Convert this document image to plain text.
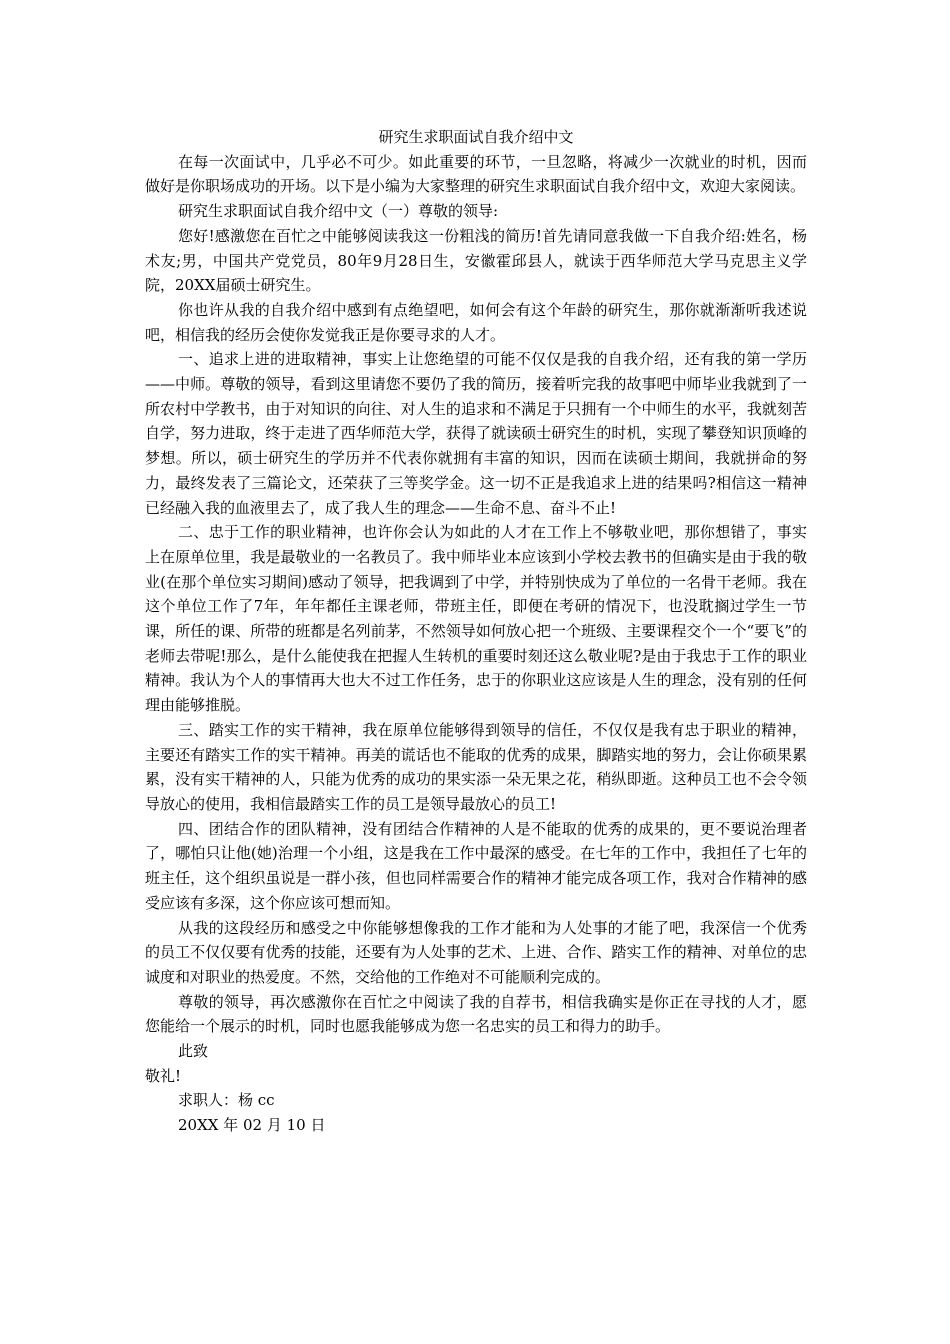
研究生求职面试自我介绍中文

在每一次面试中，几乎必不可少。如此重要的环节，一旦忽略，将减少一次就业的时机，因而做好是你职场成功的开场。以下是小编为大家整理的研究生求职面试自我介绍中文，欢迎大家阅读。

研究生求职面试自我介绍中文（一）尊敬的领导:

您好!感激您在百忙之中能够阅读我这一份粗浅的简历!首先请同意我做一下自我介绍:姓名，杨术友;男，中国共产党党员，80年9月28日生，安徽霍邱县人，就读于西华师范大学马克思主义学院，20XX届硕士研究生。

你也许从我的自我介绍中感到有点绝望吧，如何会有这个年龄的研究生，那你就渐渐听我述说吧，相信我的经历会使你发觉我正是你要寻求的人才。

一、追求上进的进取精神，事实上让您绝望的可能不仅仅是我的自我介绍，还有我的第一学历——中师。尊敬的领导，看到这里请您不要仍了我的简历，接着听完我的故事吧中师毕业我就到了一所农村中学教书，由于对知识的向往、对人生的追求和不满足于只拥有一个中师生的水平，我就刻苦自学，努力进取，终于走进了西华师范大学，获得了就读硕士研究生的时机，实现了攀登知识顶峰的梦想。所以，硕士研究生的学历并不代表你就拥有丰富的知识，因而在读硕士期间，我就拼命的努力，最终发表了三篇论文，还荣获了三等奖学金。这一切不正是我追求上进的结果吗?相信这一精神已经融入我的血液里去了，成了我人生的理念——生命不息、奋斗不止!

二、忠于工作的职业精神，也许你会认为如此的人才在工作上不够敬业吧，那你想错了，事实上在原单位里，我是最敬业的一名教员了。我中师毕业本应该到小学校去教书的但确实是由于我的敬业(在那个单位实习期间)感动了领导，把我调到了中学，并特别快成为了单位的一名骨干老师。我在这个单位工作了7年，年年都任主课老师，带班主任，即便在考研的情况下，也没耽搁过学生一节课，所任的课、所带的班都是名列前茅，不然领导如何放心把一个班级、主要课程交个一个“要飞”的老师去带呢!那么，是什么能使我在把握人生转机的重要时刻还这么敬业呢?是由于我忠于工作的职业精神。我认为个人的事情再大也大不过工作任务，忠于的你职业这应该是人生的理念，没有别的任何理由能够推脱。

三、踏实工作的实干精神，我在原单位能够得到领导的信任，不仅仅是我有忠于职业的精神，主要还有踏实工作的实干精神。再美的谎话也不能取的优秀的成果，脚踏实地的努力，会让你硕果累累，没有实干精神的人，只能为优秀的成功的果实添一朵无果之花，稍纵即逝。这种员工也不会令领导放心的使用，我相信最踏实工作的员工是领导最放心的员工!

四、团结合作的团队精神，没有团结合作精神的人是不能取的优秀的成果的，更不要说治理者了，哪怕只让他(她)治理一个小组，这是我在工作中最深的感受。在七年的工作中，我担任了七年的班主任，这个组织虽说是一群小孩，但也同样需要合作的精神才能完成各项工作，我对合作精神的感受应该有多深，这个你应该可想而知。

从我的这段经历和感受之中你能够想像我的工作才能和为人处事的才能了吧，我深信一个优秀的员工不仅仅要有优秀的技能，还要有为人处事的艺术、上进、合作、踏实工作的精神、对单位的忠诚度和对职业的热爱度。不然，交给他的工作绝对不可能顺利完成的。

尊敬的领导，再次感激你在百忙之中阅读了我的自荐书，相信我确实是你正在寻找的人才，愿您能给一个展示的时机，同时也愿我能够成为您一名忠实的员工和得力的助手。

此致

敬礼!

求职人：杨 cc

20XX 年 02 月 10 日
